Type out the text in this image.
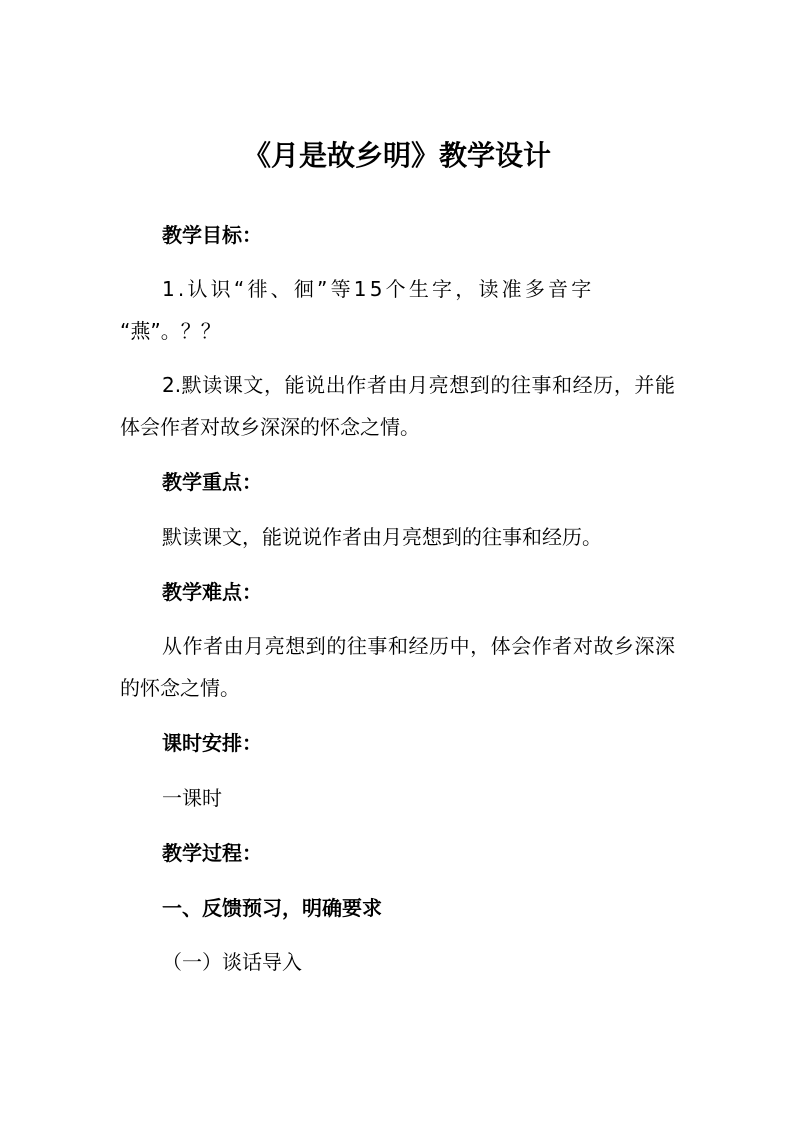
《月是故乡明》教学设计

教学目标：

1.认识“徘、徊”等15个生字，读准多音字

“燕”。？？

2.默读课文，能说出作者由月亮想到的往事和经历，并能体会作者对故乡深深的怀念之情。

教学重点：

默读课文，能说说作者由月亮想到的往事和经历。

教学难点：

从作者由月亮想到的往事和经历中，体会作者对故乡深深的怀念之情。

课时安排：

一课时

教学过程：

一、反馈预习，明确要求

（一）谈话导入
